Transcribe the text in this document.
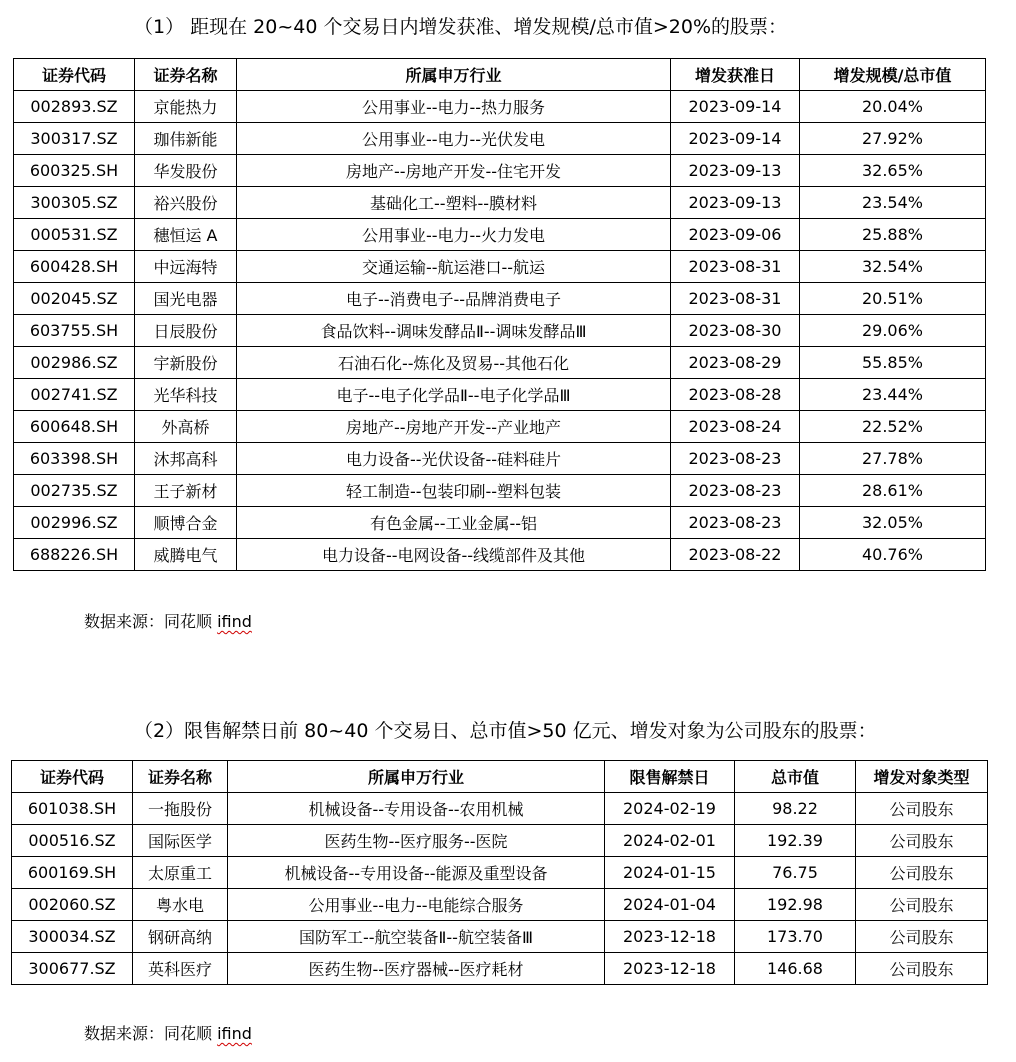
（1） 距现在 20~40 个交易日内增发获准、增发规模/总市值>20%的股票：
证券代码	证券名称	所属申万行业	增发获准日	增发规模/总市值
002893.SZ	京能热力	公用事业--电力--热力服务	2023-09-14	20.04%
300317.SZ	珈伟新能	公用事业--电力--光伏发电	2023-09-14	27.92%
600325.SH	华发股份	房地产--房地产开发--住宅开发	2023-09-13	32.65%
300305.SZ	裕兴股份	基础化工--塑料--膜材料	2023-09-13	23.54%
000531.SZ	穗恒运 A	公用事业--电力--火力发电	2023-09-06	25.88%
600428.SH	中远海特	交通运输--航运港口--航运	2023-08-31	32.54%
002045.SZ	国光电器	电子--消费电子--品牌消费电子	2023-08-31	20.51%
603755.SH	日辰股份	食品饮料--调味发酵品Ⅱ--调味发酵品Ⅲ	2023-08-30	29.06%
002986.SZ	宇新股份	石油石化--炼化及贸易--其他石化	2023-08-29	55.85%
002741.SZ	光华科技	电子--电子化学品Ⅱ--电子化学品Ⅲ	2023-08-28	23.44%
600648.SH	外高桥	房地产--房地产开发--产业地产	2023-08-24	22.52%
603398.SH	沐邦高科	电力设备--光伏设备--硅料硅片	2023-08-23	27.78%
002735.SZ	王子新材	轻工制造--包装印刷--塑料包装	2023-08-23	28.61%
002996.SZ	顺博合金	有色金属--工业金属--铝	2023-08-23	32.05%
688226.SH	威腾电气	电力设备--电网设备--线缆部件及其他	2023-08-22	40.76%
数据来源：同花顺 ifind
（2）限售解禁日前 80~40 个交易日、总市值>50 亿元、增发对象为公司股东的股票：
证券代码	证券名称	所属申万行业	限售解禁日	总市值	增发对象类型
601038.SH	一拖股份	机械设备--专用设备--农用机械	2024-02-19	98.22	公司股东
000516.SZ	国际医学	医药生物--医疗服务--医院	2024-02-01	192.39	公司股东
600169.SH	太原重工	机械设备--专用设备--能源及重型设备	2024-01-15	76.75	公司股东
002060.SZ	粤水电	公用事业--电力--电能综合服务	2024-01-04	192.98	公司股东
300034.SZ	钢研高纳	国防军工--航空装备Ⅱ--航空装备Ⅲ	2023-12-18	173.70	公司股东
300677.SZ	英科医疗	医药生物--医疗器械--医疗耗材	2023-12-18	146.68	公司股东
数据来源：同花顺 ifind
